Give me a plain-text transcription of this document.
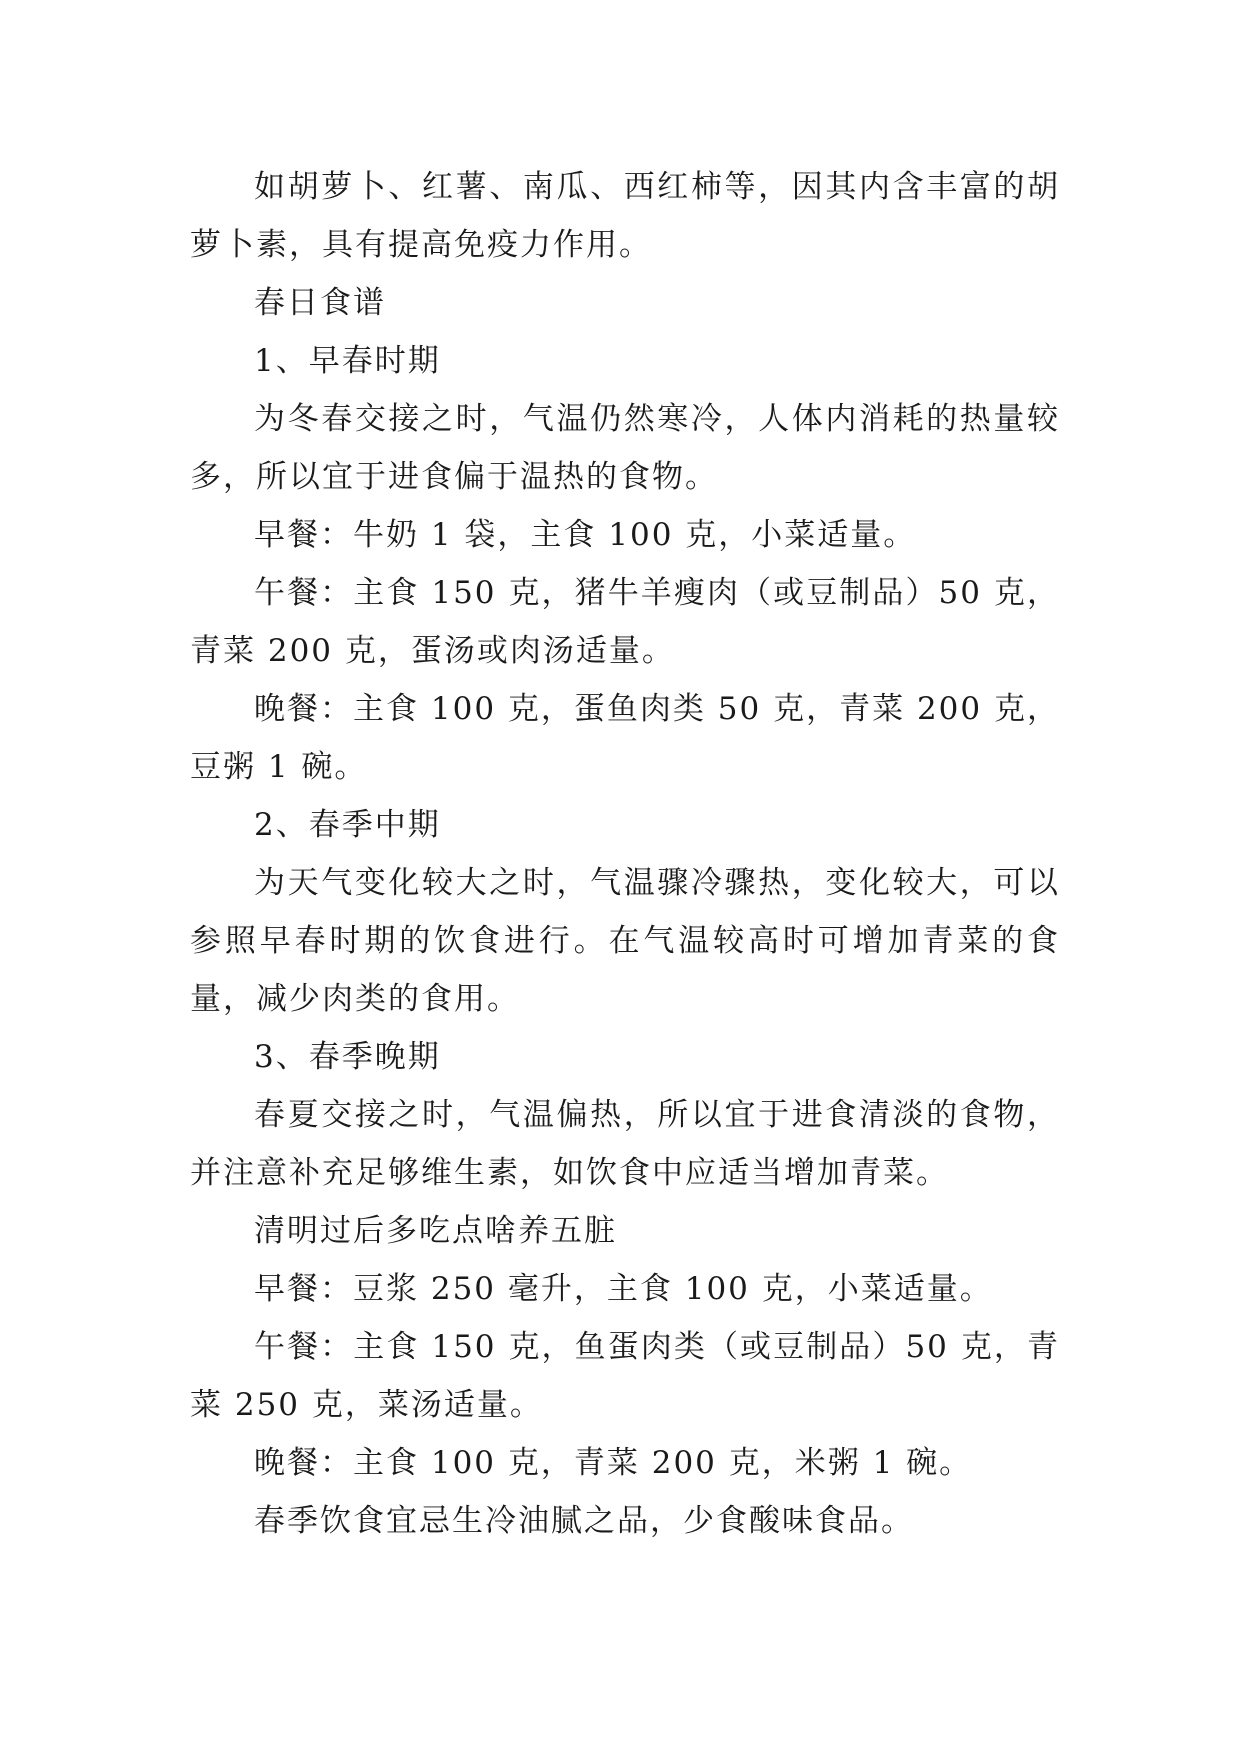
如胡萝卜、红薯、南瓜、西红柿等，因其内含丰富的胡萝卜素，具有提高免疫力作用。

春日食谱

1、早春时期

为冬春交接之时，气温仍然寒冷，人体内消耗的热量较多，所以宜于进食偏于温热的食物。

早餐：牛奶 1 袋，主食 100 克，小菜适量。

午餐：主食 150 克，猪牛羊瘦肉（或豆制品）50 克，青菜 200 克，蛋汤或肉汤适量。

晚餐：主食 100 克，蛋鱼肉类 50 克，青菜 200 克，豆粥 1 碗。

2、春季中期

为天气变化较大之时，气温骤冷骤热，变化较大，可以参照早春时期的饮食进行。在气温较高时可增加青菜的食量，减少肉类的食用。

3、春季晚期

春夏交接之时，气温偏热，所以宜于进食清淡的食物，并注意补充足够维生素，如饮食中应适当增加青菜。

清明过后多吃点啥养五脏

早餐：豆浆 250 毫升，主食 100 克，小菜适量。

午餐：主食 150 克，鱼蛋肉类（或豆制品）50 克，青菜 250 克，菜汤适量。

晚餐：主食 100 克，青菜 200 克，米粥 1 碗。

春季饮食宜忌生冷油腻之品，少食酸味食品。
